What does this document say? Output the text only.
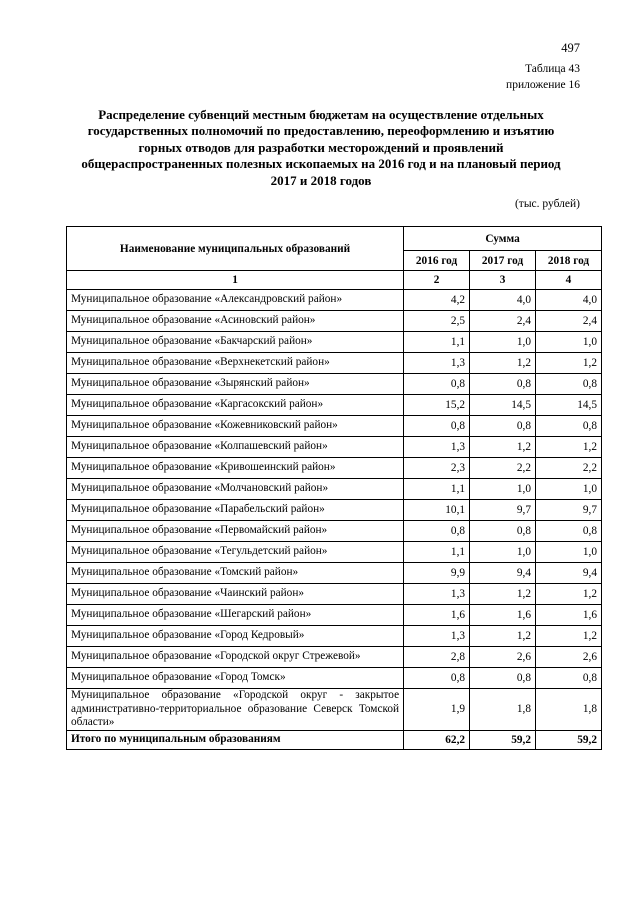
497
Таблица 43
приложение 16
Распределение субвенций местным бюджетам на осуществление отдельных государственных полномочий по предоставлению, переоформлению и изъятию горных отводов для разработки месторождений и проявлений общераспространенных полезных ископаемых на 2016 год и на плановый период 2017 и 2018 годов
(тыс. рублей)
Наименование муниципальных образований	Сумма		
	2016 год	2017 год	2018 год
1	2	3	4
Муниципальное образование «Александровский район»	4,2	4,0	4,0
Муниципальное образование «Асиновский район»	2,5	2,4	2,4
Муниципальное образование «Бакчарский район»	1,1	1,0	1,0
Муниципальное образование «Верхнекетский район»	1,3	1,2	1,2
Муниципальное образование «Зырянский район»	0,8	0,8	0,8
Муниципальное образование «Каргасокский район»	15,2	14,5	14,5
Муниципальное образование «Кожевниковский район»	0,8	0,8	0,8
Муниципальное образование «Колпашевский район»	1,3	1,2	1,2
Муниципальное образование «Кривошеинский район»	2,3	2,2	2,2
Муниципальное образование «Молчановский район»	1,1	1,0	1,0
Муниципальное образование «Парабельский район»	10,1	9,7	9,7
Муниципальное образование «Первомайский район»	0,8	0,8	0,8
Муниципальное образование «Тегульдетский район»	1,1	1,0	1,0
Муниципальное образование «Томский район»	9,9	9,4	9,4
Муниципальное образование «Чаинский район»	1,3	1,2	1,2
Муниципальное образование «Шегарский район»	1,6	1,6	1,6
Муниципальное образование «Город Кедровый»	1,3	1,2	1,2
Муниципальное образование «Городской округ Стрежевой»	2,8	2,6	2,6
Муниципальное образование «Город Томск»	0,8	0,8	0,8
Муниципальное образование «Городской округ - закрытое административно-территориальное образование Северск Томской области»	1,9	1,8	1,8
Итого по муниципальным образованиям	62,2	59,2	59,2
